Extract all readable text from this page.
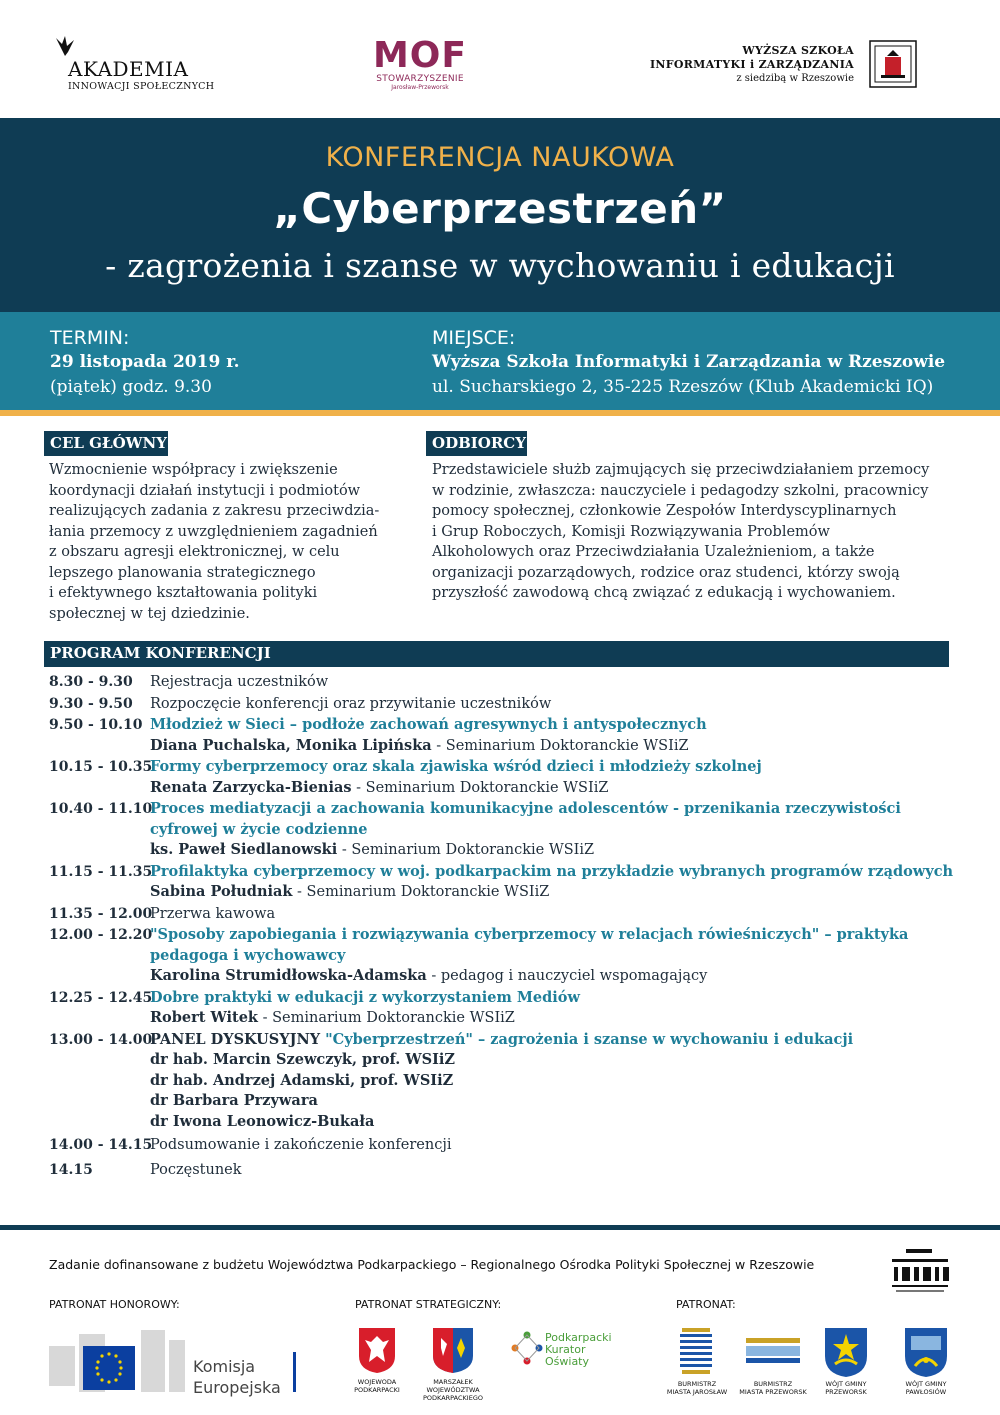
AKADEMIA
INNOWACJI SPOŁECZNYCH
MOF
STOWARZYSZENIE
Jarosław-Przeworsk
WYŻSZA SZKOŁA
INFORMATYKI i ZARZĄDZANIA
z siedzibą w Rzeszowie
KONFERENCJA NAUKOWA
„Cyberprzestrzeń”
- zagrożenia i szanse w wychowaniu i edukacji
TERMIN:
29 listopada 2019 r.
(piątek) godz. 9.30
MIEJSCE:
Wyższa Szkoła Informatyki i Zarządzania w Rzeszowie
ul. Sucharskiego 2, 35-225 Rzeszów (Klub Akademicki IQ)
CEL GŁÓWNY
Wzmocnienie współpracy i zwiększenie
koordynacji działań instytucji i podmiotów
realizujących zadania z zakresu przeciwdzia-
łania przemocy z uwzględnieniem zagadnień
z obszaru agresji elektronicznej, w celu
lepszego planowania strategicznego
i efektywnego kształtowania polityki
społecznej w tej dziedzinie.
ODBIORCY
Przedstawiciele służb zajmujących się przeciwdziałaniem przemocy
w rodzinie, zwłaszcza: nauczyciele i pedagodzy szkolni, pracownicy
pomocy społecznej, członkowie Zespołów Interdyscyplinarnych
i Grup Roboczych, Komisji Rozwiązywania Problemów
Alkoholowych oraz Przeciwdziałania Uzależnieniom, a także
organizacji pozarządowych, rodzice oraz studenci, którzy swoją
przyszłość zawodową chcą związać z edukacją i wychowaniem.
PROGRAM KONFERENCJI
8.30 - 9.30	Rejestracja uczestników
9.30 - 9.50	Rozpoczęcie konferencji oraz przywitanie uczestników
9.50 - 10.10 Młodzież w Sieci – podłoże zachowań agresywnych i antyspołecznych
Diana Puchalska, Monika Lipińska - Seminarium Doktoranckie WSIiZ
10.15 - 10.35
Formy cyberprzemocy oraz skala zjawiska wśród dzieci i młodzieży szkolnej
Renata Zarzycka-Bienias - Seminarium Doktoranckie WSIiZ
10.40 - 11.10
Proces mediatyzacji a zachowania komunikacyjne adolescentów - przenikania rzeczywistości cyfrowej w życie codzienne
ks. Paweł Siedlanowski - Seminarium Doktoranckie WSIiZ
11.15 - 11.35
Profilaktyka cyberprzemocy w woj. podkarpackim na przykładzie wybranych programów rządowych
Sabina Południak - Seminarium Doktoranckie WSIiZ
11.35 - 12.00
Przerwa kawowa
12.00 - 12.20
"Sposoby zapobiegania i rozwiązywania cyberprzemocy w relacjach rówieśniczych" – praktyka pedagoga i wychowawcy
Karolina Strumidłowska-Adamska - pedagog i nauczyciel wspomagający
12.25 - 12.45
Dobre praktyki w edukacji z wykorzystaniem Mediów
Robert Witek - Seminarium Doktoranckie WSIiZ
13.00 - 14.00
PANEL DYSKUSYJNY "Cyberprzestrzeń" – zagrożenia i szanse w wychowaniu i edukacji
dr hab. Marcin Szewczyk, prof. WSIiZ
dr hab. Andrzej Adamski, prof. WSIiZ
dr Barbara Przywara
dr Iwona Leonowicz-Bukała
14.00 - 14.15
Podsumowanie i zakończenie konferencji
14.15	Poczęstunek
Zadanie dofinansowane z budżetu Województwa Podkarpackiego – Regionalnego Ośrodka Polityki Społecznej w Rzeszowie
PATRONAT HONOROWY:	PATRONAT STRATEGICZNY:	PATRONAT:
Komisja
Europejska	WOJEWODA
PODKARPACKI
MARSZAŁEK
WOJEWÓDZTWA
PODKARPACKIEGO
Podkarpacki
Kurator
Oświaty
BURMISTRZ
MIASTA JAROSŁAW
BURMISTRZ
MIASTA PRZEWORSK
WÓJT GMINY
PRZEWORSK
WÓJT GMINY
PAWŁOSIÓW
